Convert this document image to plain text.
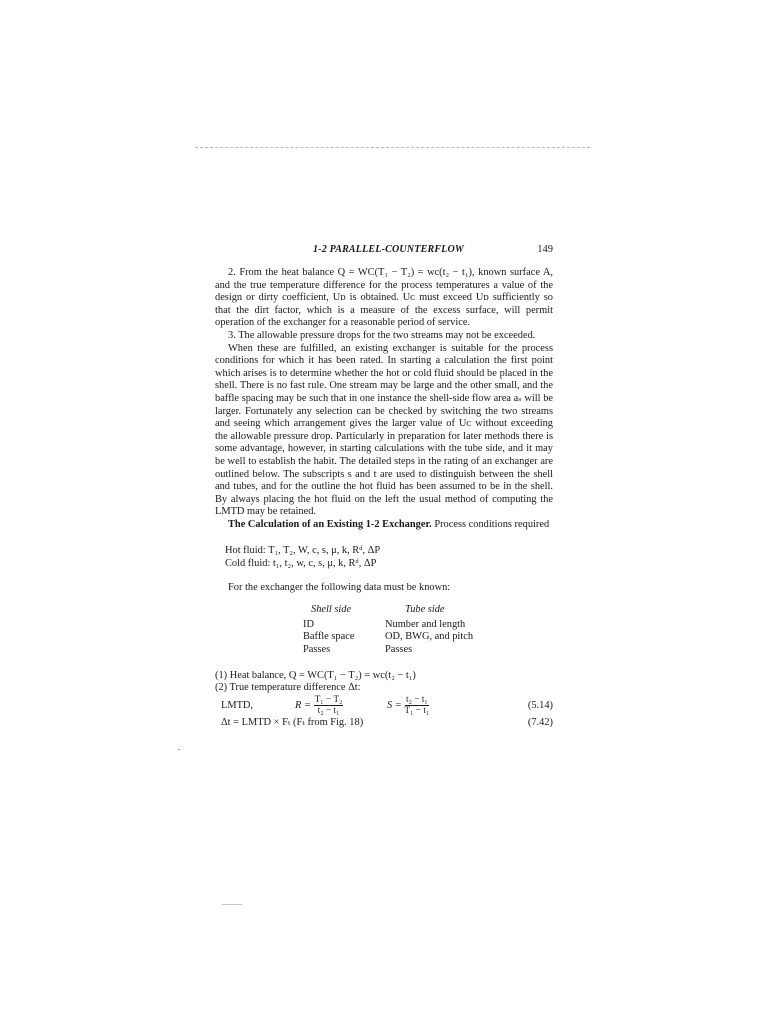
1-2 PARALLEL-COUNTERFLOW	149

2. From the heat balance Q = WC(T₁ − T₂) = wc(t₂ − t₁), known surface A, and the true temperature difference for the process temperatures a value of the design or dirty coefficient, Uᴅ is obtained. Uᴄ must exceed Uᴅ sufficiently so that the dirt factor, which is a measure of the excess surface, will permit operation of the exchanger for a reasonable period of service.

3. The allowable pressure drops for the two streams may not be exceeded.

When these are fulfilled, an existing exchanger is suitable for the process conditions for which it has been rated. In starting a calculation the first point which arises is to determine whether the hot or cold fluid should be placed in the shell. There is no fast rule. One stream may be large and the other small, and the baffle spacing may be such that in one instance the shell-side flow area aₛ will be larger. Fortunately any selection can be checked by switching the two streams and seeing which arrangement gives the larger value of Uᴄ without exceeding the allowable pressure drop. Particularly in preparation for later methods there is some advantage, however, in starting calculations with the tube side, and it may be well to establish the habit. The detailed steps in the rating of an exchanger are outlined below. The subscripts s and t are used to distinguish between the shell and tubes, and for the outline the hot fluid has been assumed to be in the shell. By always placing the hot fluid on the left the usual method of computing the LMTD may be retained.

The Calculation of an Existing 1-2 Exchanger. Process conditions required

Hot fluid: T₁, T₂, W, c, s, μ, k, Rᵈ, ΔP
Cold fluid: t₁, t₂, w, c, s, μ, k, Rᵈ, ΔP

For the exchanger the following data must be known:

Shell side	Tube side
ID	Number and length
Baffle space	OD, BWG, and pitch
Passes	Passes
(1) Heat balance, Q = WC(T₁ − T₂) = wc(t₂ − t₁)
(2) True temperature difference Δt:
LMTD,	$R = \frac{\text{T₁ − T₂}}{\text{t₂ − t₁}}$	$S = \frac{\text{t₂ − t₁}}{\text{T₁ − t₁}}$	(5.14)
Δt = LMTD × Fₜ (Fₜ from Fig. 18)	(7.42)
